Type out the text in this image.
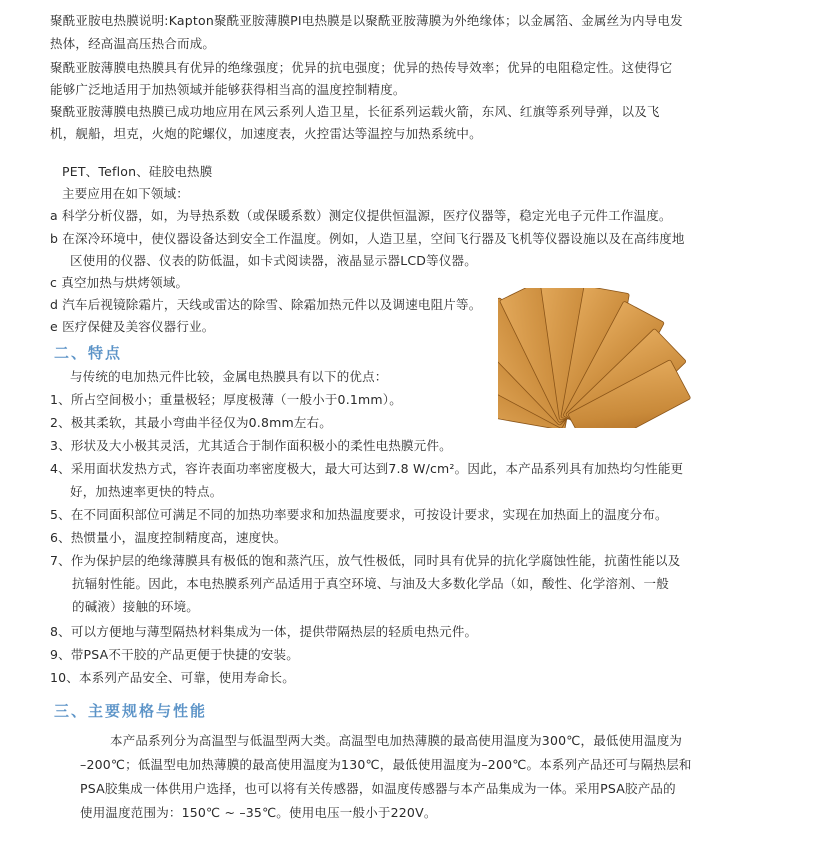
聚酰亚胺电热膜说明:Kapton聚酰亚胺薄膜PI电热膜是以聚酰亚胺薄膜为外绝缘体；以金属箔、金属丝为内导电发
热体，经高温高压热合而成。
聚酰亚胺薄膜电热膜具有优异的绝缘强度；优异的抗电强度；优异的热传导效率；优异的电阻稳定性。这使得它
能够广泛地适用于加热领域并能够获得相当高的温度控制精度。
聚酰亚胺薄膜电热膜已成功地应用在风云系列人造卫星，长征系列运载火箭，东风、红旗等系列导弹，以及飞
机，舰船，坦克，火炮的陀螺仪，加速度表，火控雷达等温控与加热系统中。
PET、Teflon、硅胶电热膜
主要应用在如下领域：
a 科学分析仪器，如，为导热系数（或保暖系数）测定仪提供恒温源，医疗仪器等，稳定光电子元件工作温度。
b 在深冷环境中，使仪器设备达到安全工作温度。例如，人造卫星，空间飞行器及飞机等仪器设施以及在高纬度地
区使用的仪器、仪表的防低温，如卡式阅读器，液晶显示器LCD等仪器。
c 真空加热与烘烤领域。
d 汽车后视镜除霜片，天线或雷达的除雪、除霜加热元件以及调速电阻片等。
e 医疗保健及美容仪器行业。
二、特点
与传统的电加热元件比较，金属电热膜具有以下的优点：
1、所占空间极小；重量极轻；厚度极薄（一般小于0.1mm）。
2、极其柔软，其最小弯曲半径仅为0.8mm左右。
3、形状及大小极其灵活，尤其适合于制作面积极小的柔性电热膜元件。
4、采用面状发热方式，容许表面功率密度极大，最大可达到7.8 W/cm²。因此，本产品系列具有加热均匀性能更
好，加热速率更快的特点。
5、在不同面积部位可满足不同的加热功率要求和加热温度要求，可按设计要求，实现在加热面上的温度分布。
6、热惯量小，温度控制精度高，速度快。
7、作为保护层的绝缘薄膜具有极低的饱和蒸汽压，放气性极低，同时具有优异的抗化学腐蚀性能，抗菌性能以及
抗辐射性能。因此，本电热膜系列产品适用于真空环境、与油及大多数化学品（如，酸性、化学溶剂、一般
的碱液）接触的环境。
8、可以方便地与薄型隔热材料集成为一体，提供带隔热层的轻质电热元件。
9、带PSA不干胶的产品更便于快捷的安装。
10、本系列产品安全、可靠，使用寿命长。
三、主要规格与性能
本产品系列分为高温型与低温型两大类。高温型电加热薄膜的最高使用温度为300℃，最低使用温度为
–200℃；低温型电加热薄膜的最高使用温度为130℃，最低使用温度为–200℃。本系列产品还可与隔热层和
PSA胶集成一体供用户选择，也可以将有关传感器，如温度传感器与本产品集成为一体。采用PSA胶产品的
使用温度范围为：150℃ ~ –35℃。使用电压一般小于220V。
